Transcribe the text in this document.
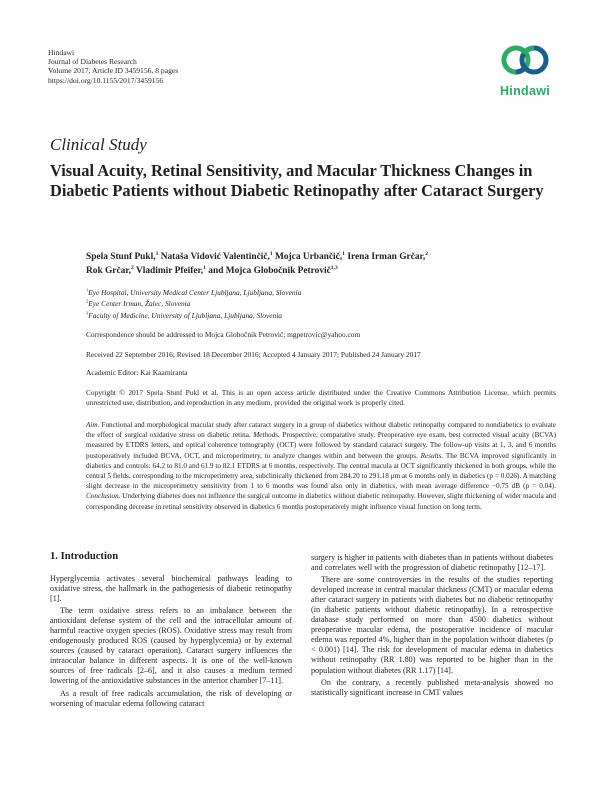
Hindawi
Journal of Diabetes Research
Volume 2017, Article ID 3459156, 8 pages
https://doi.org/10.1155/2017/3459156
Hindawi
Clinical Study
Visual Acuity, Retinal Sensitivity, and Macular Thickness Changes in Diabetic Patients without Diabetic Retinopathy after Cataract Surgery
Spela Stunf Pukl,$^1$ Nataša Vidović Valentinčič,$^1$ Mojca Urbančič,$^1$ Irena Irman Grčar,$^2$
Rok Grčar,$^2$ Vladimir Pfeifer,$^1$ and Mojca Globočnik Petrovič$^{1,3}$
$^1$Eye Hospital, University Medical Center Ljubljana, Ljubljana, Slovenia
$^2$Eye Center Irman, Žalec, Slovenia
$^3$Faculty of Medicine, University of Ljubljana, Ljubljana, Slovenia
Correspondence should be addressed to Mojca Globočnik Petrovič; mgpetrovic@yahoo.com
Received 22 September 2016; Revised 18 December 2016; Accepted 4 January 2017; Published 24 January 2017
Academic Editor: Kai Kaarniranta
Copyright © 2017 Spela Stunf Pukl et al. This is an open access article distributed under the Creative Commons Attribution License, which permits unrestricted use, distribution, and reproduction in any medium, provided the original work is properly cited.
Aim. Functional and morphological macular study after cataract surgery in a group of diabetics without diabetic retinopathy compared to nondiabetics to evaluate the effect of surgical oxidative stress on diabetic retina. Methods. Prospective, comparative study. Preoperative eye exam, best corrected visual acuity (BCVA) measured by ETDRS letters, and optical coherence tomography (OCT) were followed by standard cataract surgery. The follow-up visits at 1, 3, and 6 months postoperatively included BCVA, OCT, and microperimetry, to analyze changes within and between the groups. Results. The BCVA improved significantly in diabetics and controls: 64.2 to 81.0 and 61.9 to 82.1 ETDRS at 6 months, respectively. The central macula at OCT significantly thickened in both groups, while the central 5 fields, corresponding to the microperimetry area, subclinically thickened from 284.20 to 291.18 μm at 6 months only in diabetics (p = 0.026). A matching slight decrease in the microperimetry sensitivity from 1 to 6 months was found also only in diabetics, with mean average difference −0.75 dB (p = 0.04). Conclusion. Underlying diabetes does not influence the surgical outcome in diabetics without diabetic retinopathy. However, slight thickening of wider macula and corresponding decrease in retinal sensitivity observed in diabetics 6 months postoperatively might influence visual function on long term.
1. Introduction

Hyperglycemia activates several biochemical pathways leading to oxidative stress, the hallmark in the pathogenesis of diabetic retinopathy [1].

The term oxidative stress refers to an imbalance between the antioxidant defense system of the cell and the intracellular amount of harmful reactive oxygen species (ROS). Oxidative stress may result from endogenously produced ROS (caused by hyperglycemia) or by external sources (caused by cataract operation). Cataract surgery influences the intraocular balance in different aspects. It is one of the well-known sources of free radicals [2–6], and it also causes a medium termed lowering of the antioxidative substances in the anterior chamber [7–11].

As a result of free radicals accumulation, the risk of developing or worsening of macular edema following cataract

surgery is higher in patients with diabetes than in patients without diabetes and correlates well with the progression of diabetic retinopathy [12–17].

There are some controversies in the results of the studies reporting developed increase in central macular thickness (CMT) or macular edema after cataract surgery in patients with diabetes but no diabetic retinopathy (in diabetic patients without diabetic retinopathy). In a retrospective database study performed on more than 4500 diabetics without preoperative macular edema, the postoperative incidence of macular edema was reported 4%, higher than in the population without diabetes (p < 0.001) [14]. The risk for development of macular edema in diabetics without retinopathy (RR 1.80) was reported to be higher than in the population without diabetes (RR 1.17) [14].

On the contrary, a recently published meta-analysis showed no statistically significant increase in CMT values
